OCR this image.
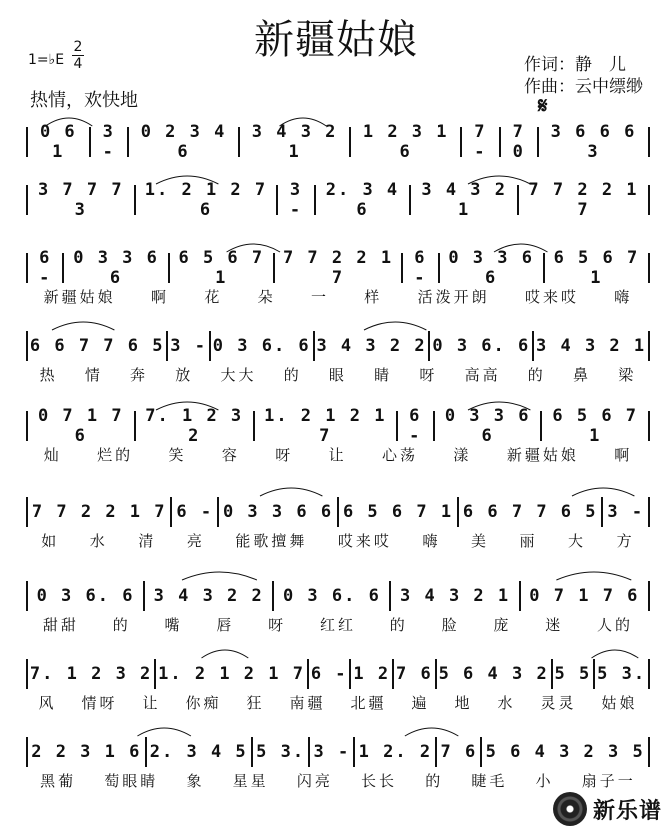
新疆姑娘
1=♭E
2
4
热情，欢快地
作词：静　儿
作曲：云中缥缈
𝄋
0 6 1
3 -
0 2 3 4 6
3 4 3 2 1
1 2 3 1 6
7 -
7 0
3 6 6 6 3
3 7 7 7 3
1. 2 1 2 7 6
3 -
2. 3 4 6
3 4 3 2 1
7 7 2 2 1 7
6 -
0 3 3 6 6
6 5 6 7 1
7 7 2 2 1 7
6 -
0 3 3 6 6
6 5 6 7 1
新疆姑娘 啊 花 朵 一 样 活泼开朗 哎来哎 嗨
6 6 7 7 6 5 3 - 0 3 6. 6 3 4 3 2 2 0 3 6. 6 3 4 3 2 1
热 情 奔 放 大大 的 眼 睛 呀 高高 的 鼻 梁
0 7 1 7 6
7. 1 2 3 2
1. 2 1 2 1 7
6 -
0 3 3 6 6
6 5 6 7 1
灿 烂的 笑 容 呀 让 心荡 漾 新疆姑娘 啊
7 7 2 2 1 7 6 - 0 3 3 6 6 6 5 6 7 1 6 6 7 7 6 5 3 -
如 水 清 亮 能歌擅舞 哎来哎 嗨 美 丽 大 方
0 3 6. 6	3 4 3 2 2	0 3 6. 6	3 4 3 2 1	0 7 1 7 6
甜甜 的 嘴 唇 呀 红红 的 脸 庞 迷 人的
7. 1 2 3 2 1. 2 1 2 1 7 6 - 1 2 7 6 5 6 4 3 2 5 5 5 3.
风 情呀 让 你痴 狂 南疆 北疆 遍 地 水 灵灵 姑娘
2 2 3 1 6 2. 3 4 5 5 3. 3 - 1 2. 2 7 6 5 6 4 3 2 3 5
黑葡 萄眼睛 象 星星 闪亮 长长 的 睫毛 小 扇子一
新乐谱
